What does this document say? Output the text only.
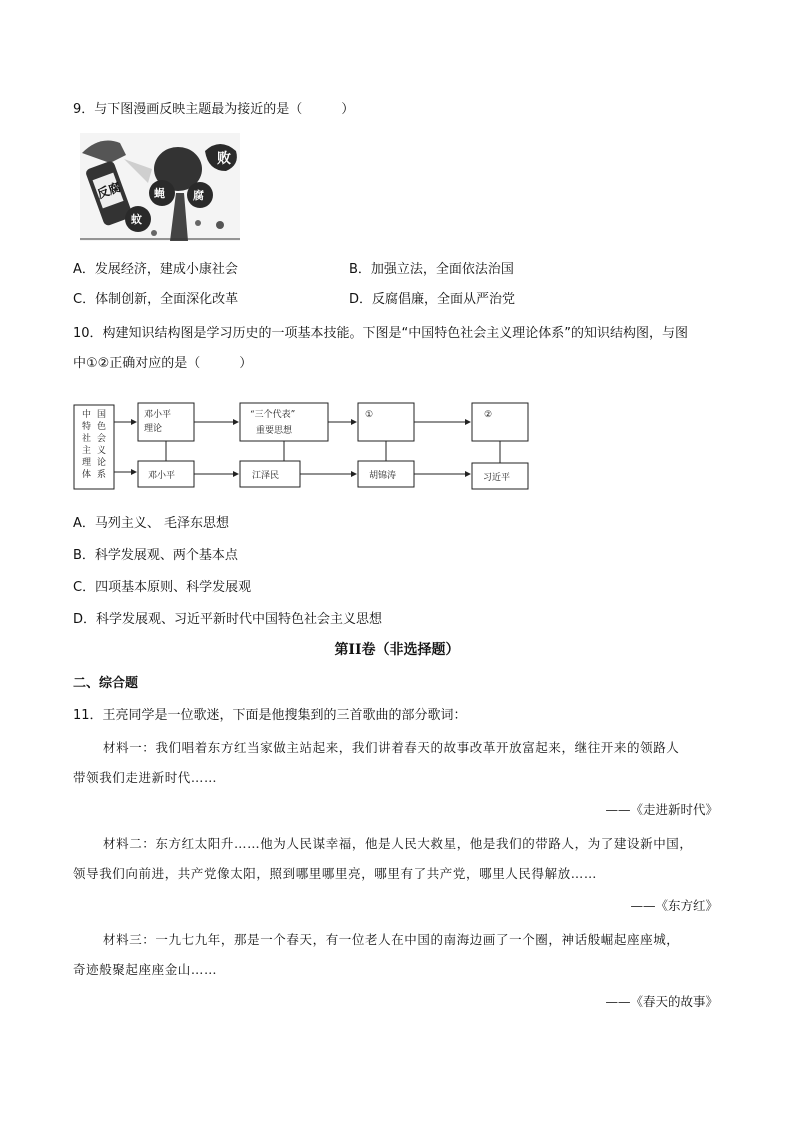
9．与下图漫画反映主题最为接近的是（　　　）
反腐
败
蝇	腐
蚊
A．发展经济，建成小康社会	B．加强立法，全面依法治国
C．体制创新，全面深化改革	D．反腐倡廉，全面从严治党
10．构建知识结构图是学习历史的一项基本技能。下图是“中国特色社会主义理论体系”的知识结构图，与图
中①②正确对应的是（　　　）
中特社主理体
国色会义论系
邓小平
理论
“三个代表”
重要思想
①	②
邓小平	江泽民	胡锦涛	习近平
A．马列主义、 毛泽东思想
B．科学发展观、两个基本点
C．四项基本原则、科学发展观
D．科学发展观、习近平新时代中国特色社会主义思想
第II卷（非选择题）
二、综合题
11．王亮同学是一位歌迷，下面是他搜集到的三首歌曲的部分歌词：
材料一：我们唱着东方红当家做主站起来，我们讲着春天的故事改革开放富起来，继往开来的领路人
带领我们走进新时代……
——《走进新时代》
材料二：东方红太阳升……他为人民谋幸福，他是人民大救星，他是我们的带路人，为了建设新中国，
领导我们向前进，共产党像太阳，照到哪里哪里亮，哪里有了共产党，哪里人民得解放……
——《东方红》
材料三：一九七九年，那是一个春天，有一位老人在中国的南海边画了一个圈，神话般崛起座座城，
奇迹般聚起座座金山……
——《春天的故事》
